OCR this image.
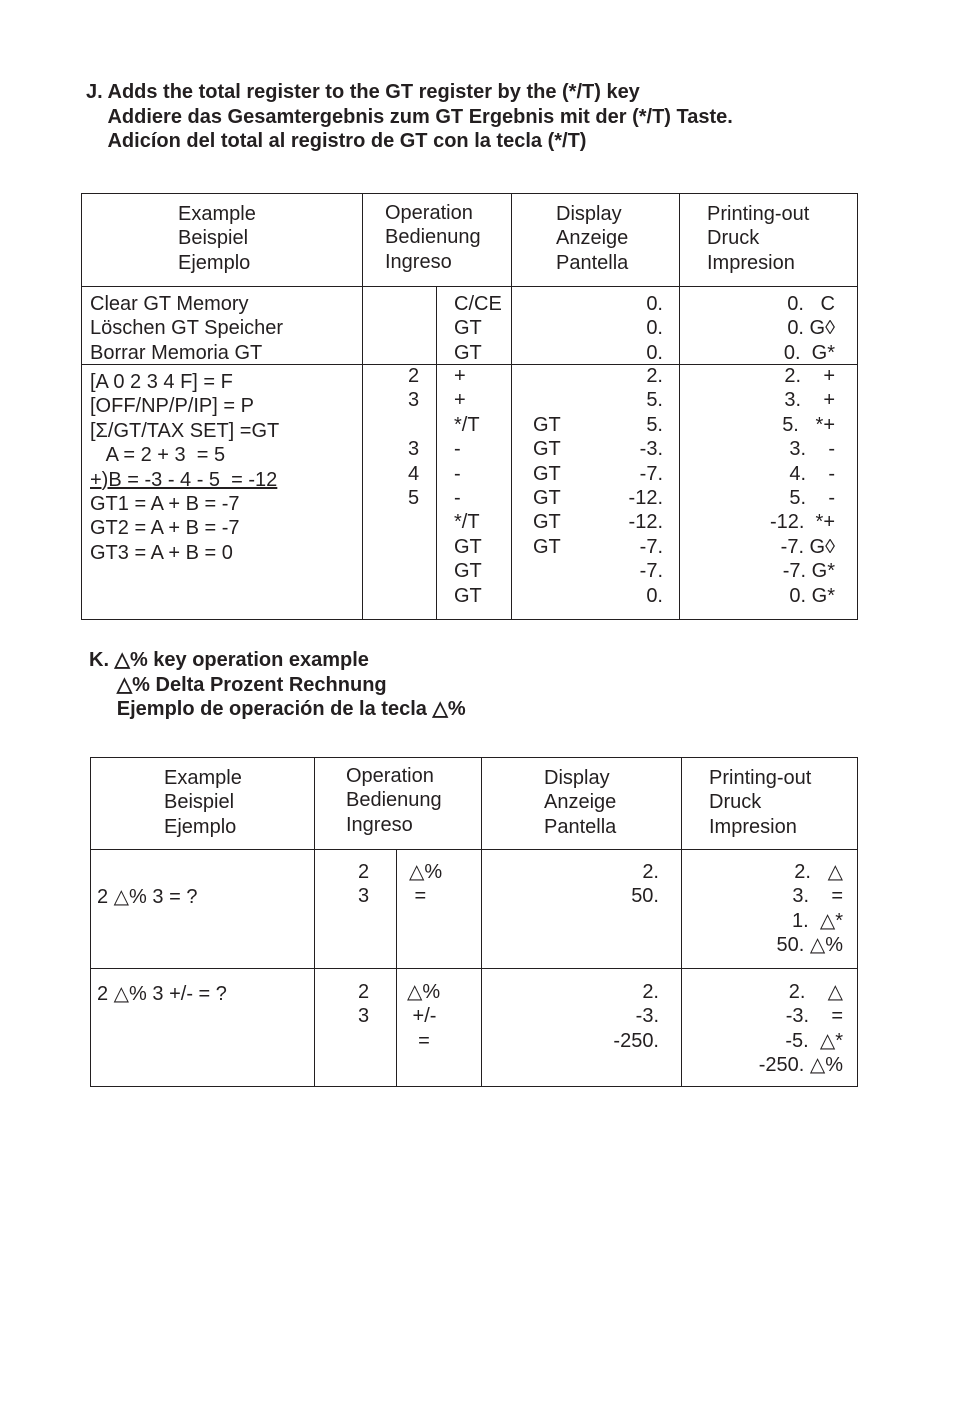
J. Adds the total register to the GT register by the (*/T) key
Addiere das Gesamtergebnis zum GT Ergebnis mit der (*/T) Taste.
Adicíon del total al registro de GT con la tecla (*/T)
Example
Beispiel
Ejemplo
Operation
Bedienung
Ingreso
Display
Anzeige
Pantella
Printing-out
Druck
Impresion
Clear GT Memory
Löschen GT Speicher
Borrar Memoria GT
C/CE
GT
GT
0.
0.
0.
0.   C
0. G◊
0.  G*
[A 0 2 3 4 F] = F
[OFF/NP/P/IP] = P
[Σ/GT/TAX SET] =GT
A = 2 + 3  = 5
+)B = -3 - 4 - 5  = -12
GT1 = A + B = -7
GT2 = A + B = -7
GT3 = A + B = 0
2
3
3
4
5
+
+
*/T
-
-
-
*/T
GT
GT
GT
GT
GT
GT
GT
GT
GT
2.
5.
5.
-3.
-7.
-12.
-12.
-7.
-7.
0.
2.    +
3.    +
5.   *+
3.    -
4.    -
5.    -
-12.  *+
-7. G◊
-7. G*
0. G*
K. △% key operation example
△% Delta Prozent Rechnung
Ejemplo de operación de la tecla △%
Example
Beispiel
Ejemplo
Operation
Bedienung
Ingreso
Display
Anzeige
Pantella
Printing-out
Druck
Impresion
2 △% 3 = ?
2
3
△%
=
2.
50.
2.   △
3.    =
1.  △*
50. △%
2 △% 3 +/- = ?	2
3
△%
+/-
=
2.
-3.
-250.
2.    △
-3.    =
-5.  △*
-250. △%
